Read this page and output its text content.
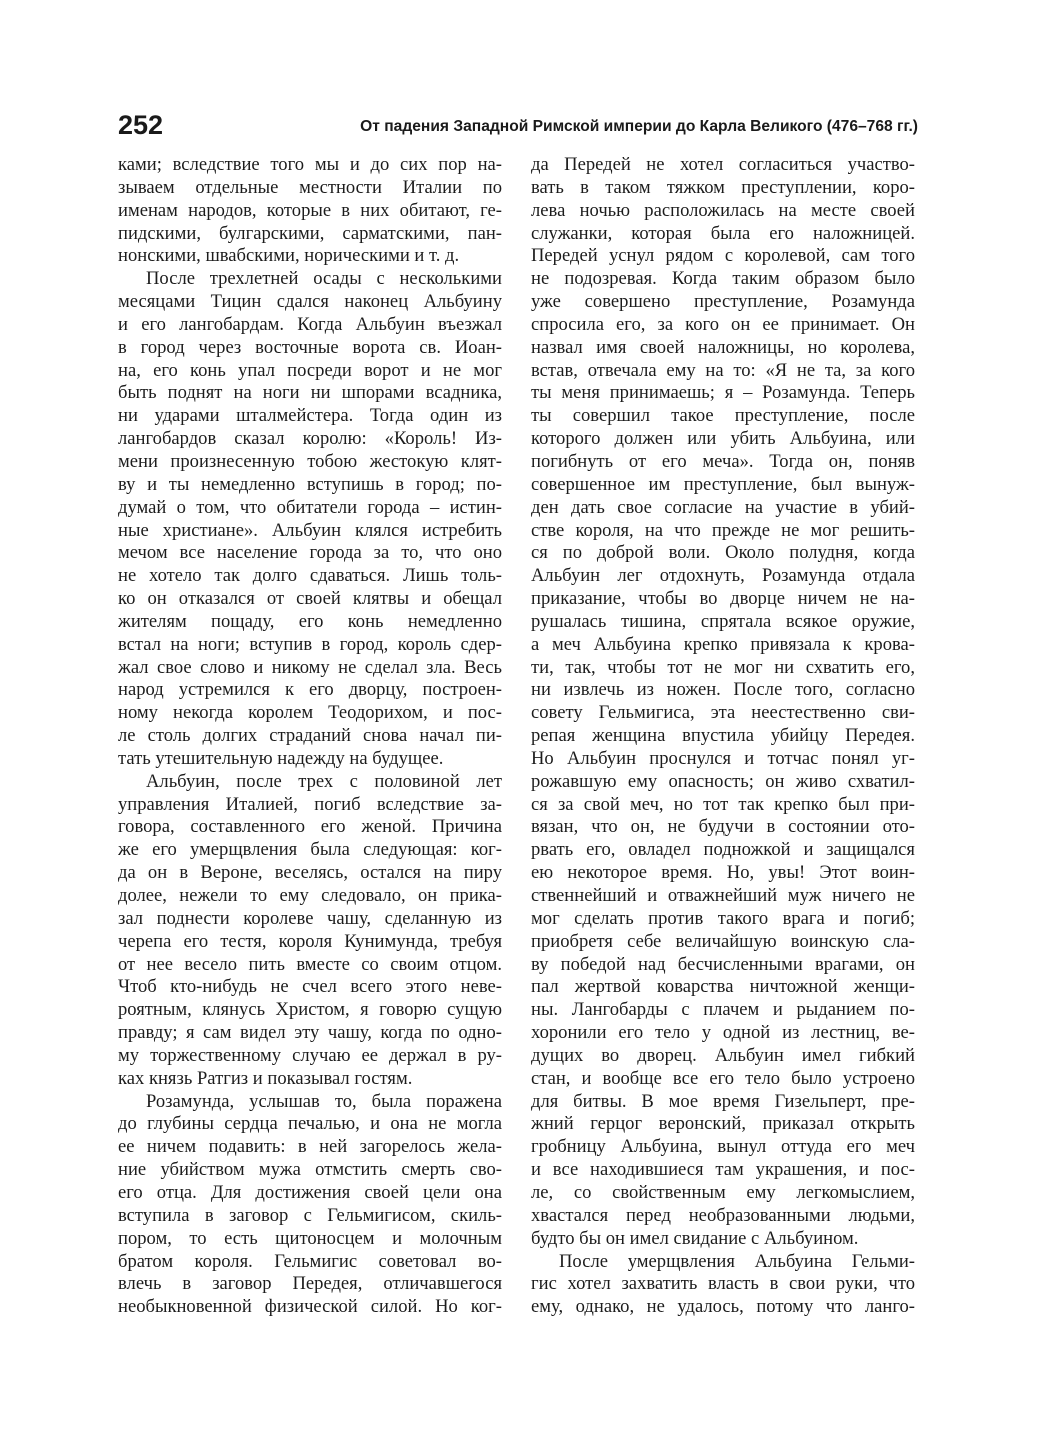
252	От падения Западной Римской империи до Карла Великого (476–768 гг.)
ками; вследствие того мы и до сих пор на-
зываем отдельные местности Италии по
именам народов, которые в них обитают, ге-
пидскими, булгарскими, сарматскими, пан-
нонскими, швабскими, норическими и т. д.
После трехлетней осады с несколькими
месяцами Тицин сдался наконец Альбуину
и его лангобардам. Когда Альбуин въезжал
в город через восточные ворота св. Иоан-
на, его конь упал посреди ворот и не мог
быть поднят на ноги ни шпорами всадника,
ни ударами шталмейстера. Тогда один из
лангобардов сказал королю: «Король! Из-
мени произнесенную тобою жестокую клят-
ву и ты немедленно вступишь в город; по-
думай о том, что обитатели города – истин-
ные христиане». Альбуин клялся истребить
мечом все население города за то, что оно
не хотело так долго сдаваться. Лишь толь-
ко он отказался от своей клятвы и обещал
жителям пощаду, его конь немедленно
встал на ноги; вступив в город, король сдер-
жал свое слово и никому не сделал зла. Весь
народ устремился к его дворцу, построен-
ному некогда королем Теодорихом, и пос-
ле столь долгих страданий снова начал пи-
тать утешительную надежду на будущее.
Альбуин, после трех с половиной лет
управления Италией, погиб вследствие за-
говора, составленного его женой. Причина
же его умерщвления была следующая: ког-
да он в Вероне, веселясь, остался на пиру
долее, нежели то ему следовало, он прика-
зал поднести королеве чашу, сделанную из
черепа его тестя, короля Кунимунда, требуя
от нее весело пить вместе со своим отцом.
Чтоб кто-нибудь не счел всего этого неве-
роятным, клянусь Христом, я говорю сущую
правду; я сам видел эту чашу, когда по одно-
му торжественному случаю ее держал в ру-
ках князь Ратгиз и показывал гостям.
Розамунда, услышав то, была поражена
до глубины сердца печалью, и она не могла
ее ничем подавить: в ней загорелось жела-
ние убийством мужа отмстить смерть сво-
его отца. Для достижения своей цели она
вступила в заговор с Гельмигисом, скиль-
пором, то есть щитоносцем и молочным
братом короля. Гельмигис советовал во-
влечь в заговор Передея, отличавшегося
необыкновенной физической силой. Но ког-
да Передей не хотел согласиться участво-
вать в таком тяжком преступлении, коро-
лева ночью расположилась на месте своей
служанки, которая была его наложницей.
Передей уснул рядом с королевой, сам того
не подозревая. Когда таким образом было
уже совершено преступление, Розамунда
спросила его, за кого он ее принимает. Он
назвал имя своей наложницы, но королева,
встав, отвечала ему на то: «Я не та, за кого
ты меня принимаешь; я – Розамунда. Теперь
ты совершил такое преступление, после
которого должен или убить Альбуина, или
погибнуть от его меча». Тогда он, поняв
совершенное им преступление, был вынуж-
ден дать свое согласие на участие в убий-
стве короля, на что прежде не мог решить-
ся по доброй воли. Около полудня, когда
Альбуин лег отдохнуть, Розамунда отдала
приказание, чтобы во дворце ничем не на-
рушалась тишина, спрятала всякое оружие,
а меч Альбуина крепко привязала к крова-
ти, так, чтобы тот не мог ни схватить его,
ни извлечь из ножен. После того, согласно
совету Гельмигиса, эта неестественно сви-
репая женщина впустила убийцу Передея.
Но Альбуин проснулся и тотчас понял уг-
рожавшую ему опасность; он живо схватил-
ся за свой меч, но тот так крепко был при-
вязан, что он, не будучи в состоянии ото-
рвать его, овладел подножкой и защищался
ею некоторое время. Но, увы! Этот воин-
ственнейший и отважнейший муж ничего не
мог сделать против такого врага и погиб;
приобретя себе величайшую воинскую сла-
ву победой над бесчисленными врагами, он
пал жертвой коварства ничтожной женщи-
ны. Лангобарды с плачем и рыданием по-
хоронили его тело у одной из лестниц, ве-
дущих во дворец. Альбуин имел гибкий
стан, и вообще все его тело было устроено
для битвы. В мое время Гизельперт, пре-
жний герцог веронский, приказал открыть
гробницу Альбуина, вынул оттуда его меч
и все находившиеся там украшения, и пос-
ле, со свойственным ему легкомыслием,
хвастался перед необразованными людьми,
будто бы он имел свидание с Альбуином.
После умерщвления Альбуина Гельми-
гис хотел захватить власть в свои руки, что
ему, однако, не удалось, потому что ланго-
